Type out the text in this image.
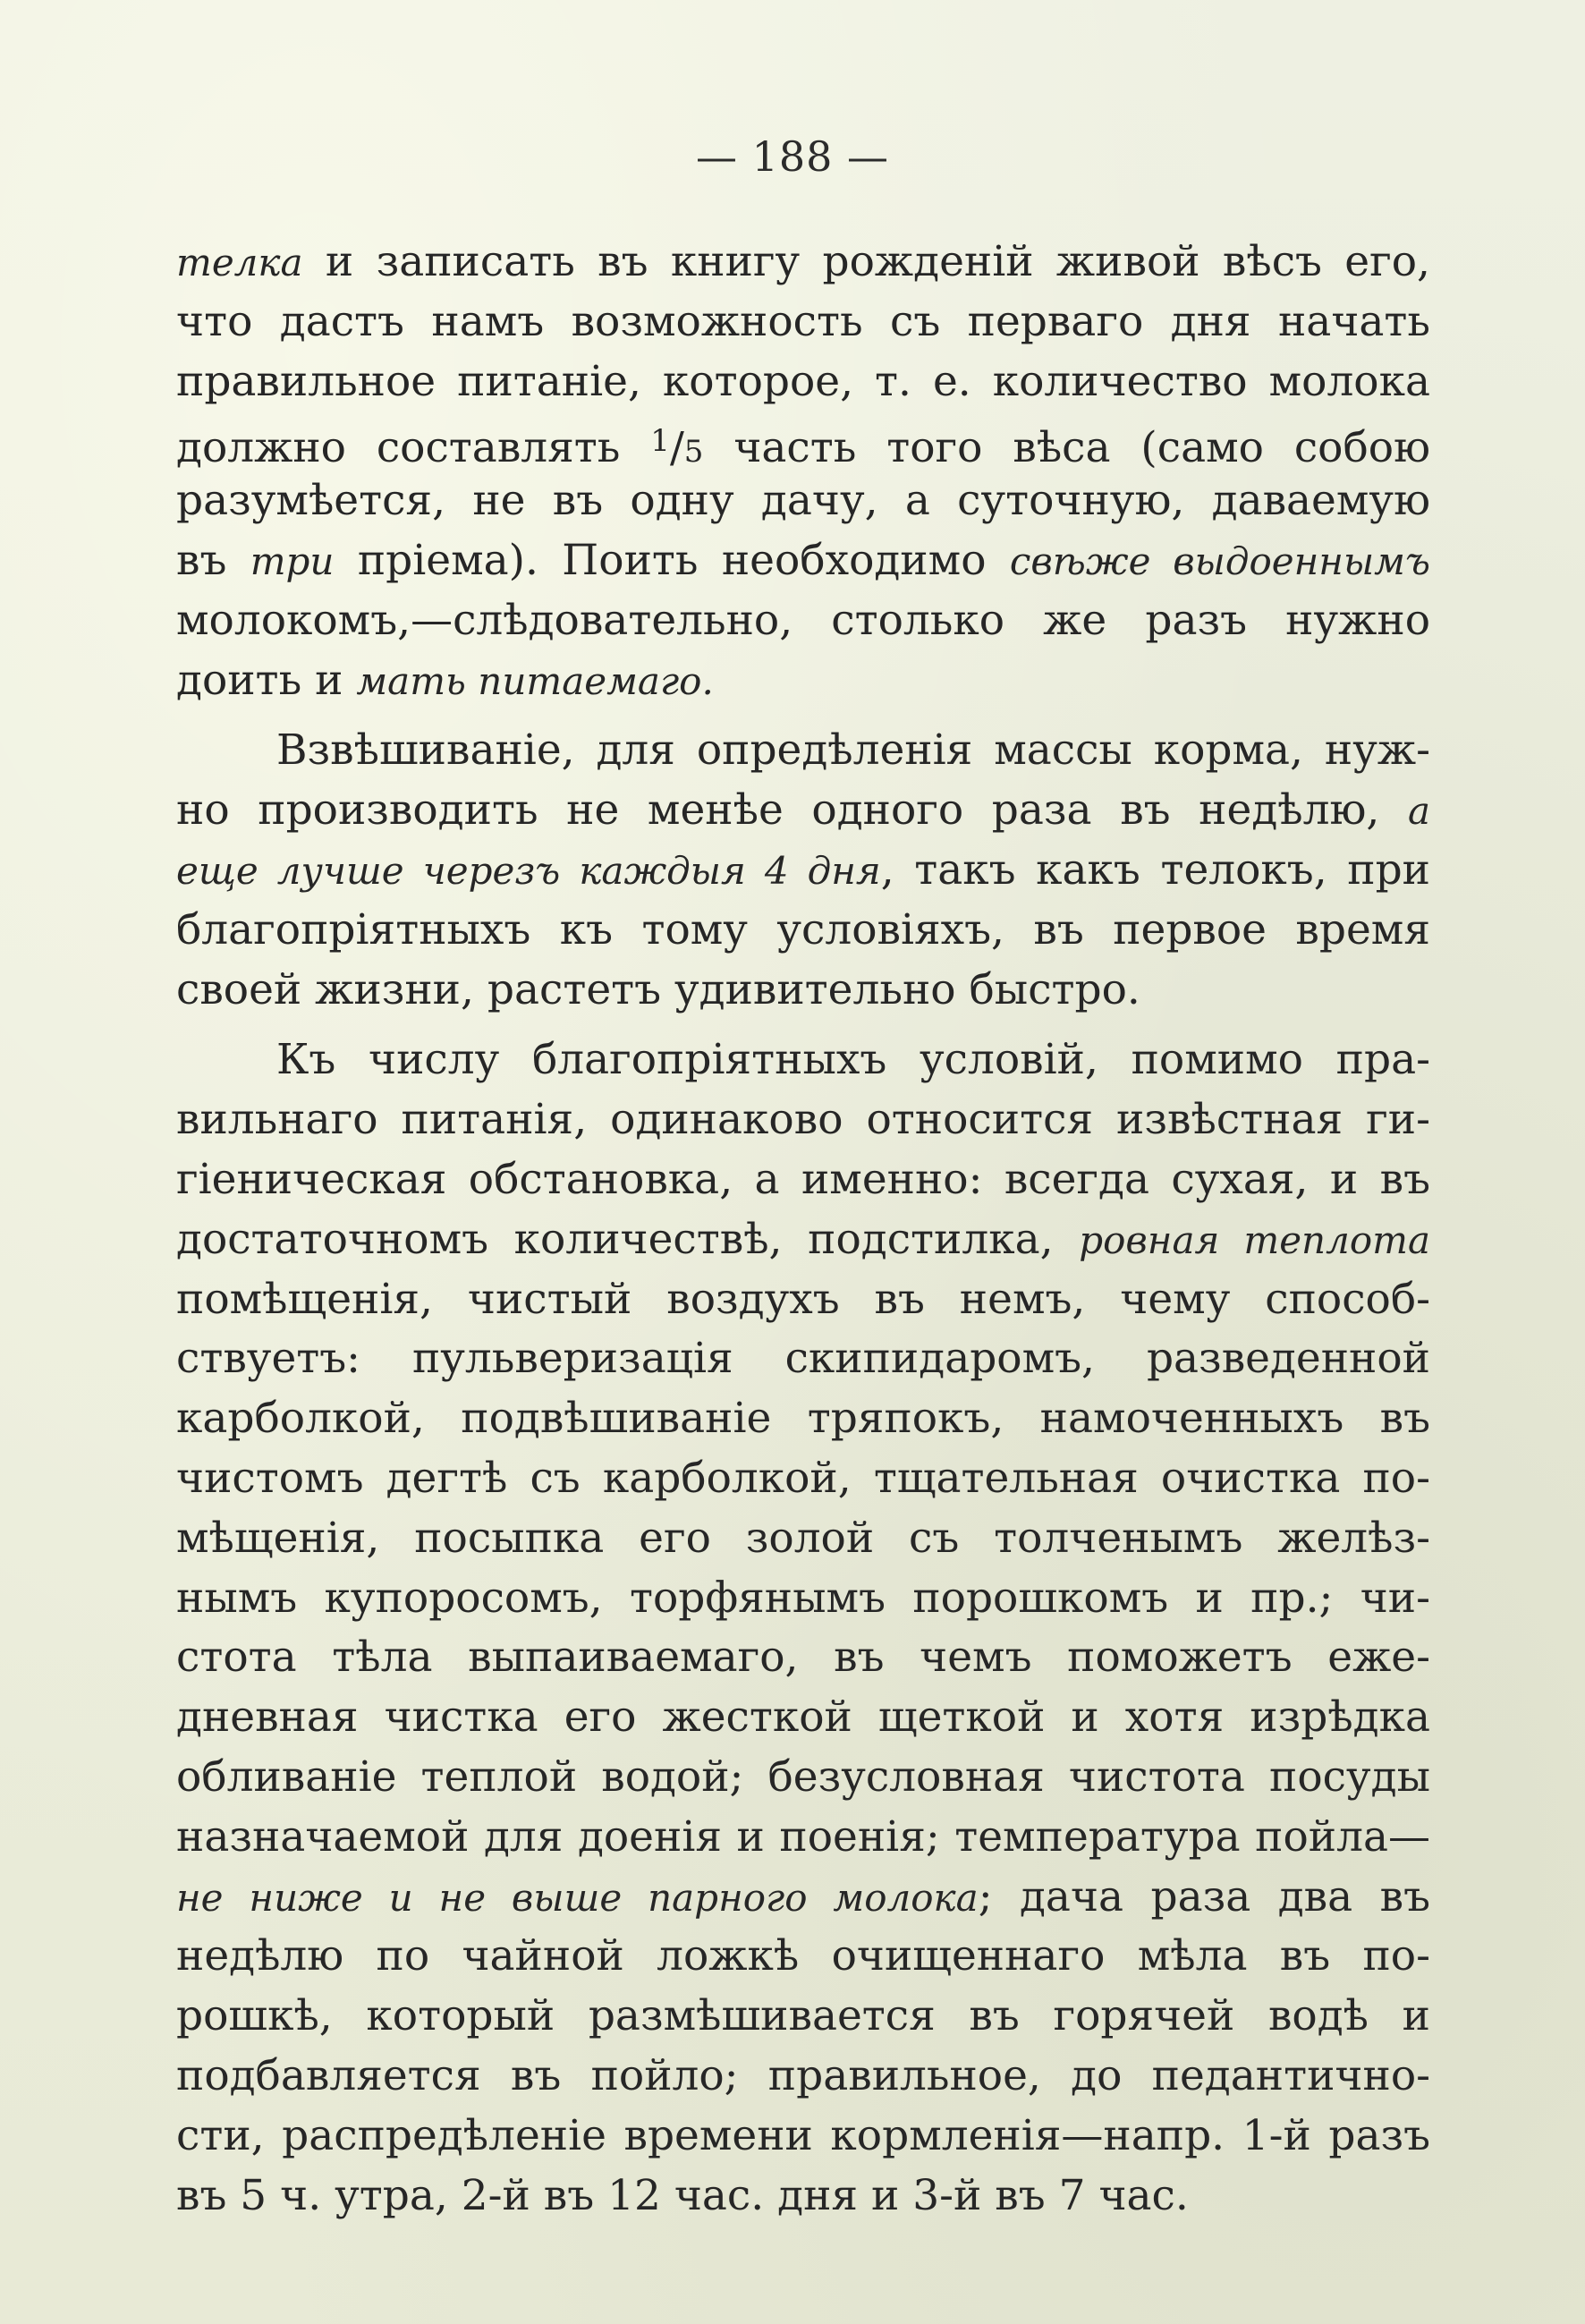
— 188 —
телка и записать въ книгу рожденій живой вѣсъ его,
что дастъ намъ возможность съ перваго дня начать
правильное питаніе, которое, т. е. количество молока
должно составлять $^1$/5 часть того вѣса (само собою
разумѣется, не въ одну дачу, а суточную, даваемую
въ три пріема). Поить необходимо свѣже выдоеннымъ
молокомъ,—слѣдовательно, столько же разъ нужно
доить и мать питаемаго.
Взвѣшиваніе, для опредѣленія массы корма, нуж-
но производить не менѣе одного раза въ недѣлю, а
еще лучше черезъ каждыя 4 дня, такъ какъ телокъ, при
благопріятныхъ къ тому условіяхъ, въ первое время
своей жизни, растетъ удивительно быстро.
Къ числу благопріятныхъ условій, помимо пра-
вильнаго питанія, одинаково относится извѣстная ги-
гіеническая обстановка, а именно: всегда сухая, и въ
достаточномъ количествѣ, подстилка, ровная теплота
помѣщенія, чистый воздухъ въ немъ, чему способ-
ствуетъ: пульверизація скипидаромъ, разведенной
карболкой, подвѣшиваніе тряпокъ, намоченныхъ въ
чистомъ дегтѣ съ карболкой, тщательная очистка по-
мѣщенія, посыпка его золой съ толченымъ желѣз-
нымъ купоросомъ, торфянымъ порошкомъ и пр.; чи-
стота тѣла выпаиваемаго, въ чемъ поможетъ еже-
дневная чистка его жесткой щеткой и хотя изрѣдка
обливаніе теплой водой; безусловная чистота посуды
назначаемой для доенія и поенія; температура пойла—
не ниже и не выше парного молока; дача раза два въ
недѣлю по чайной ложкѣ очищеннаго мѣла въ по-
рошкѣ, который размѣшивается въ горячей водѣ и
подбавляется въ пойло; правильное, до педантично-
сти, распредѣленіе времени кормленія—напр. 1-й разъ
въ 5 ч. утра, 2-й въ 12 час. дня и 3-й въ 7 час.
